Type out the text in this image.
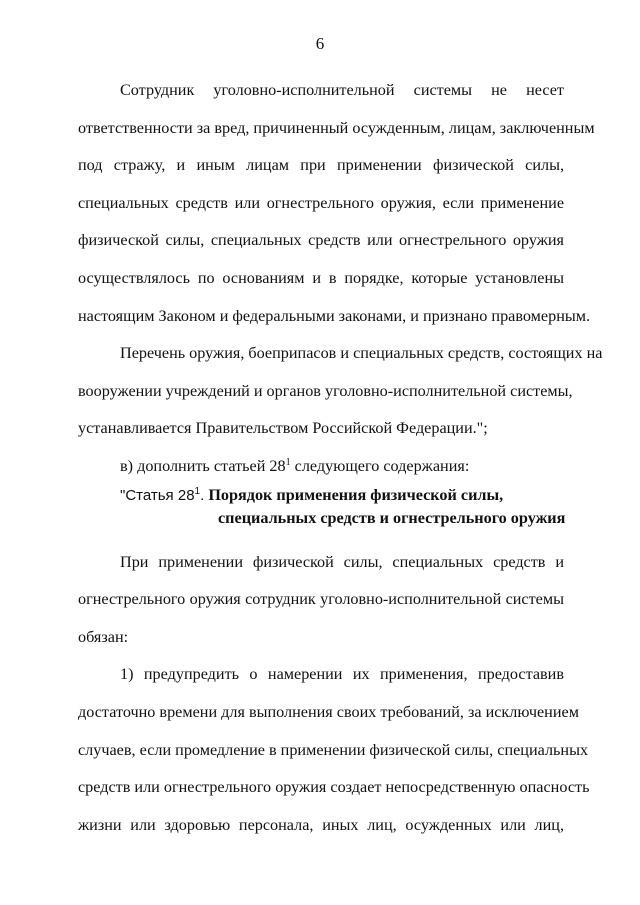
6
Сотрудник уголовно-исполнительной системы не несет
ответственности за вред, причиненный осужденным, лицам, заключенным
под стражу, и иным лицам при применении физической силы,
специальных средств или огнестрельного оружия, если применение
физической силы, специальных средств или огнестрельного оружия
осуществлялось по основаниям и в порядке, которые установлены
настоящим Законом и федеральными законами, и признано правомерным.
Перечень оружия, боеприпасов и специальных средств, состоящих на
вооружении учреждений и органов уголовно-исполнительной системы,
устанавливается Правительством Российской Федерации.";
в) дополнить статьей $28^1$ следующего содержания:
"Статья $28^1$. Порядок применения физической силы,
специальных средств и огнестрельного оружия
При применении физической силы, специальных средств и
огнестрельного оружия сотрудник уголовно-исполнительной системы
обязан:
1) предупредить о намерении их применения, предоставив
достаточно времени для выполнения своих требований, за исключением
случаев, если промедление в применении физической силы, специальных
средств или огнестрельного оружия создает непосредственную опасность
жизни или здоровью персонала, иных лиц, осужденных или лиц,
